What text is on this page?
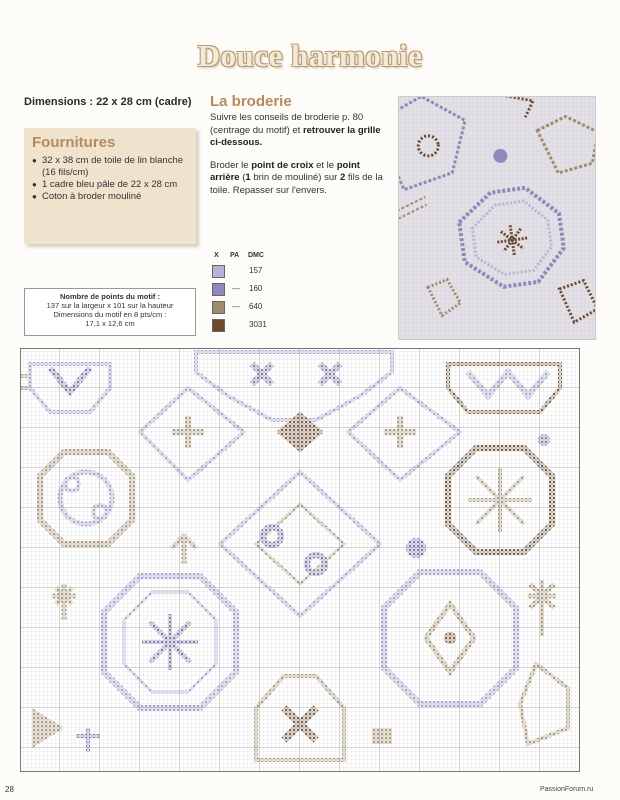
Douce harmonie
Dimensions : 22 x 28 cm (cadre)
Fournitures
● 32 x 38 cm de toile de lin blanche (16 fils/cm)
● 1 cadre bleu pâle de 22 x 28 cm
● Coton à broder mouliné
La broderie

Suivre les conseils de broderie p. 80 (centrage du motif) et retrouver la grille ci-dessous.

Broder le point de croix et le point arrière (1 brin de mouliné) sur 2 fils de la toile. Repasser sur l'envers.

X PA DMC
157
— 160
— 640
3031
Nombre de points du motif :
137 sur la largeur x 101 sur la hauteur
Dimensions du motif en 8 pts/cm :
17,1 x 12,6 cm
28	PassionForum.ru
